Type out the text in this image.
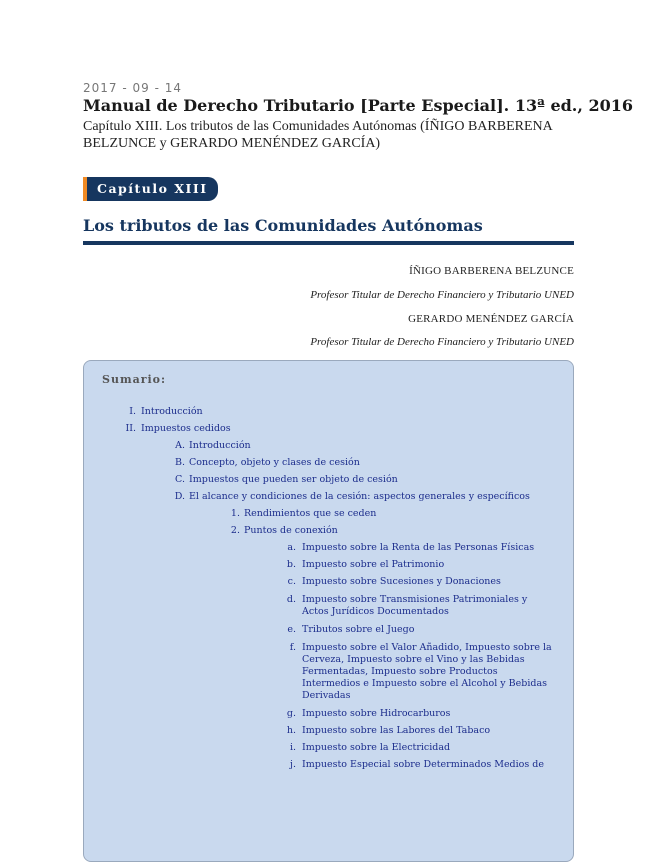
2017 - 09 - 14
Manual de Derecho Tributario [Parte Especial]. 13ª ed., 2016
Capítulo XIII. Los tributos de las Comunidades Autónomas (ÍÑIGO BARBERENA BELZUNCE y GERARDO MENÉNDEZ GARCÍA)
Capítulo XIII
Los tributos de las Comunidades Autónomas
ÍÑIGO BARBERENA BELZUNCE
Profesor Titular de Derecho Financiero y Tributario UNED
GERARDO MENÉNDEZ GARCÍA
Profesor Titular de Derecho Financiero y Tributario UNED
Sumario:
I. Introducción
II. Impuestos cedidos
A. Introducción
B. Concepto, objeto y clases de cesión
C. Impuestos que pueden ser objeto de cesión
D. El alcance y condiciones de la cesión: aspectos generales y específicos
1. Rendimientos que se ceden
2. Puntos de conexión
a. Impuesto sobre la Renta de las Personas Físicas
b. Impuesto sobre el Patrimonio
c. Impuesto sobre Sucesiones y Donaciones
d. Impuesto sobre Transmisiones Patrimoniales y Actos Jurídicos Documentados
e. Tributos sobre el Juego
f. Impuesto sobre el Valor Añadido, Impuesto sobre la Cerveza, Impuesto sobre el Vino y las Bebidas Fermentadas, Impuesto sobre Productos Intermedios e Impuesto sobre el Alcohol y Bebidas Derivadas
g. Impuesto sobre Hidrocarburos
h. Impuesto sobre las Labores del Tabaco
i. Impuesto sobre la Electricidad
j. Impuesto Especial sobre Determinados Medios de
